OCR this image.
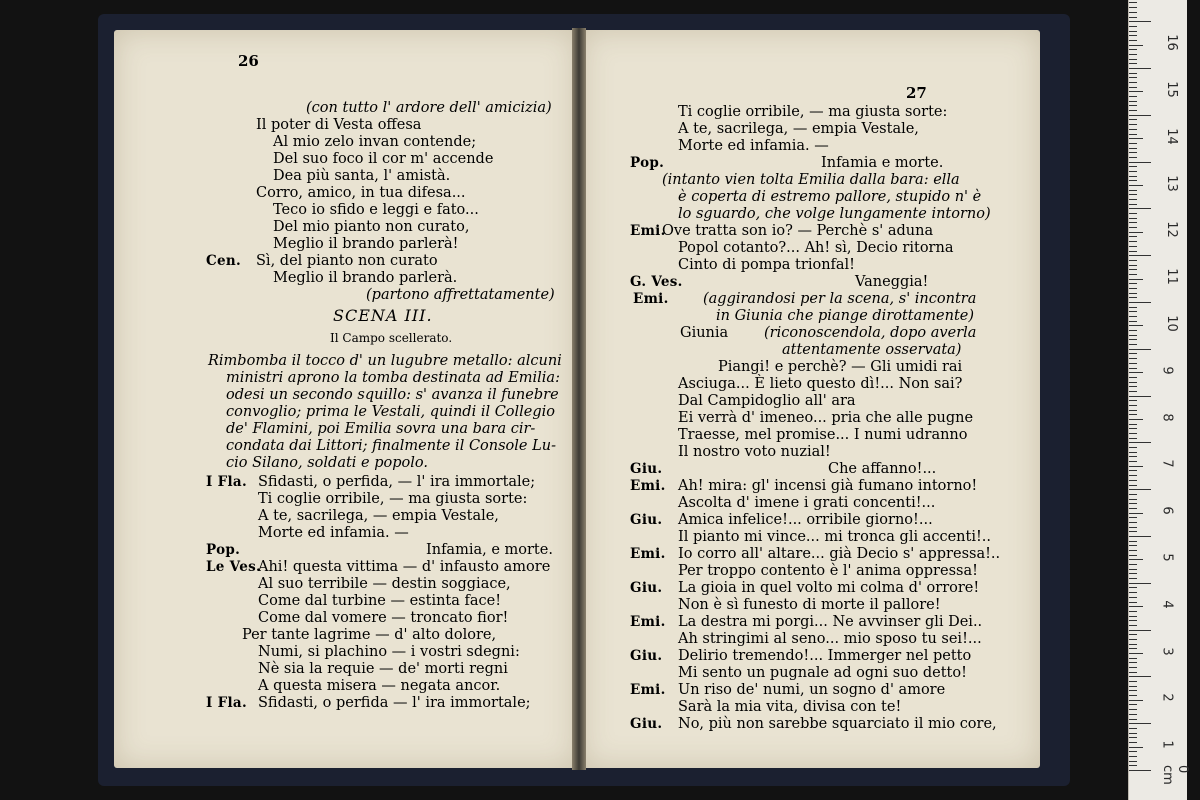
26
27
(con tutto l' ardore dell' amicizia)
Il poter di Vesta offesa
Al mio zelo invan contende;
Del suo foco il cor m' accende
Dea più santa, l' amistà.
Corro, amico, in tua difesa...
Teco io sfido e leggi e fato...
Del mio pianto non curato,
Meglio il brando parlerà!
Cen. Sì, del pianto non curato
Meglio il brando parlerà.
(partono affrettatamente)
SCENA III.
Il Campo scellerato.
Rimbomba il tocco d' un lugubre metallo: alcuni
ministri aprono la tomba destinata ad Emilia:
odesi un secondo squillo: s' avanza il funebre
convoglio; prima le Vestali, quindi il Collegio
de' Flamini, poi Emilia sovra una bara cir-
condata dai Littori; finalmente il Console Lu-
cio Silano, soldati e popolo.
I Fla. Sfidasti, o perfida, — l' ira immortale;
Ti coglie orribile, — ma giusta sorte:
A te, sacrilega, — empia Vestale,
Morte ed infamia. —
Pop.	Infamia, e morte.
Le Ves.
Ahi! questa vittima — d' infausto amore
Al suo terribile — destin soggiace,
Come dal turbine — estinta face!
Come dal vomere — troncato fior!
Per tante lagrime — d' alto dolore,
Numi, si plachino — i vostri sdegni:
Nè sia la requie — de' morti regni
A questa misera — negata ancor.
I Fla. Sfidasti, o perfida — l' ira immortale;
Ti coglie orribile, — ma giusta sorte:
A te, sacrilega, — empia Vestale,
Morte ed infamia. —
Pop.	Infamia e morte.
(intanto vien tolta Emilia dalla bara: ella
è coperta di estremo pallore, stupido n' è
lo sguardo, che volge lungamente intorno)
Emi.
Ove tratta son io? — Perchè s' aduna
Popol cotanto?... Ah! sì, Decio ritorna
Cinto di pompa trionfal!
G. Ves.	Vaneggia!
Emi. (aggirandosi per la scena, s' incontra
in Giunia che piange dirottamente)
Giunia (riconoscendola, dopo averla
attentamente osservata)
Piangi! e perchè? — Gli umidi rai
Asciuga... È lieto questo dì!... Non sai?
Dal Campidoglio all' ara
Ei verrà d' imeneo... pria che alle pugne
Traesse, mel promise... I numi udranno
Il nostro voto nuzial!
Giu.	Che affanno!...
Emi. Ah! mira: gl' incensi già fumano intorno!
Ascolta d' imene i grati concenti!...
Giu. Amica infelice!... orribile giorno!...
Il pianto mi vince... mi tronca gli accenti!..
Emi. Io corro all' altare... già Decio s' appressa!..
Per troppo contento è l' anima oppressa!
Giu. La gioia in quel volto mi colma d' orrore!
Non è sì funesto di morte il pallore!
Emi. La destra mi porgi... Ne avvinser gli Dei..
Ah stringimi al seno... mio sposo tu sei!...
Giu. Delirio tremendo!... Immerger nel petto
Mi sento un pugnale ad ogni suo detto!
Emi. Un riso de' numi, un sogno d' amore
Sarà la mia vita, divisa con te!
Giu. No, più non sarebbe squarciato il mio core,
0 cm
1
2
3
4
5
6
7
8
9
10
11
12
13
14
15
16
